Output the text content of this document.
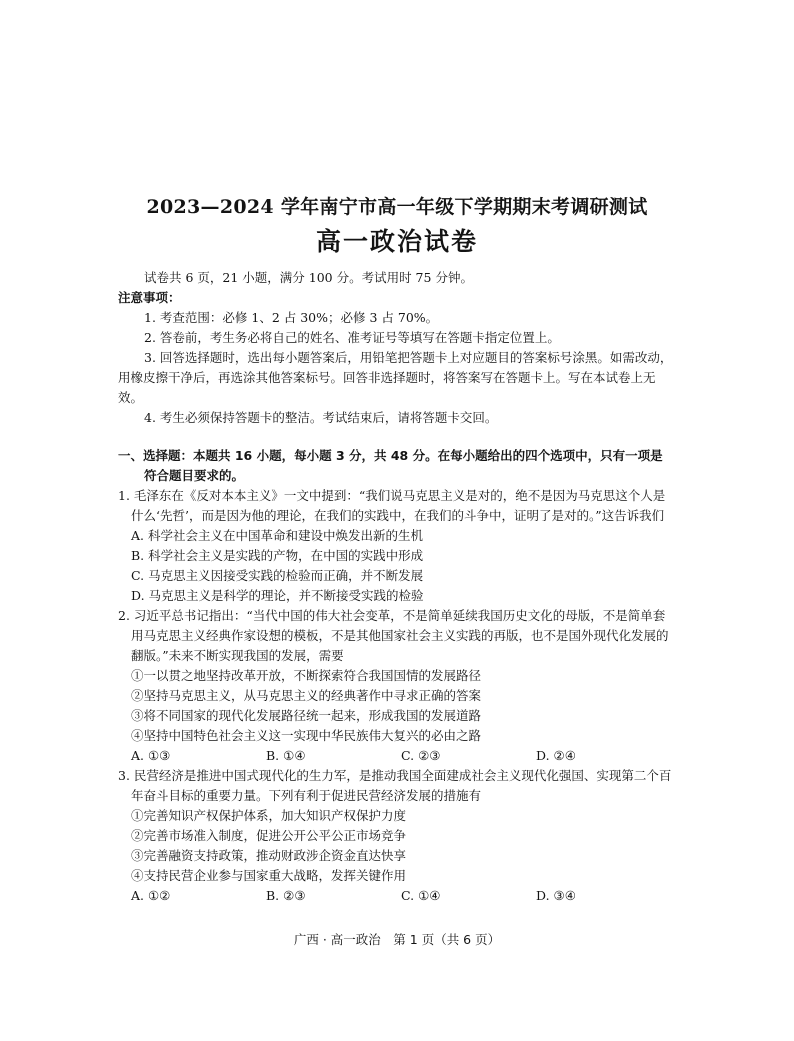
2023—2024 学年南宁市高一年级下学期期末考调研测试
高一政治试卷
试卷共 6 页，21 小题，满分 100 分。考试用时 75 分钟。
注意事项：
1. 考查范围：必修 1、2 占 30%；必修 3 占 70%。
2. 答卷前，考生务必将自己的姓名、准考证号等填写在答题卡指定位置上。
3. 回答选择题时，选出每小题答案后，用铅笔把答题卡上对应题目的答案标号涂黑。如需改动，用橡皮擦干净后，再选涂其他答案标号。回答非选择题时，将答案写在答题卡上。写在本试卷上无效。
4. 考生必须保持答题卡的整洁。考试结束后，请将答题卡交回。
一、选择题：本题共 16 小题，每小题 3 分，共 48 分。在每小题给出的四个选项中，只有一项是
符合题目要求的。
1. 毛泽东在《反对本本主义》一文中提到：“我们说马克思主义是对的，绝不是因为马克思这个人是什么‘先哲’，而是因为他的理论，在我们的实践中，在我们的斗争中，证明了是对的。”这告诉我们
A. 科学社会主义在中国革命和建设中焕发出新的生机
B. 科学社会主义是实践的产物，在中国的实践中形成
C. 马克思主义因接受实践的检验而正确，并不断发展
D. 马克思主义是科学的理论，并不断接受实践的检验
2. 习近平总书记指出：“当代中国的伟大社会变革，不是简单延续我国历史文化的母版，不是简单套用马克思主义经典作家设想的模板，不是其他国家社会主义实践的再版，也不是国外现代化发展的翻版。”未来不断实现我国的发展，需要
①一以贯之地坚持改革开放，不断探索符合我国国情的发展路径
②坚持马克思主义，从马克思主义的经典著作中寻求正确的答案
③将不同国家的现代化发展路径统一起来，形成我国的发展道路
④坚持中国特色社会主义这一实现中华民族伟大复兴的必由之路
A. ①③	B. ①④	C. ②③	D. ②④
3. 民营经济是推进中国式现代化的生力军，是推动我国全面建成社会主义现代化强国、实现第二个百年奋斗目标的重要力量。下列有利于促进民营经济发展的措施有
①完善知识产权保护体系，加大知识产权保护力度
②完善市场准入制度，促进公开公平公正市场竞争
③完善融资支持政策，推动财政涉企资金直达快享
④支持民营企业参与国家重大战略，发挥关键作用
A. ①②	B. ②③	C. ①④	D. ③④
广西 · 高一政治　第 1 页（共 6 页）
